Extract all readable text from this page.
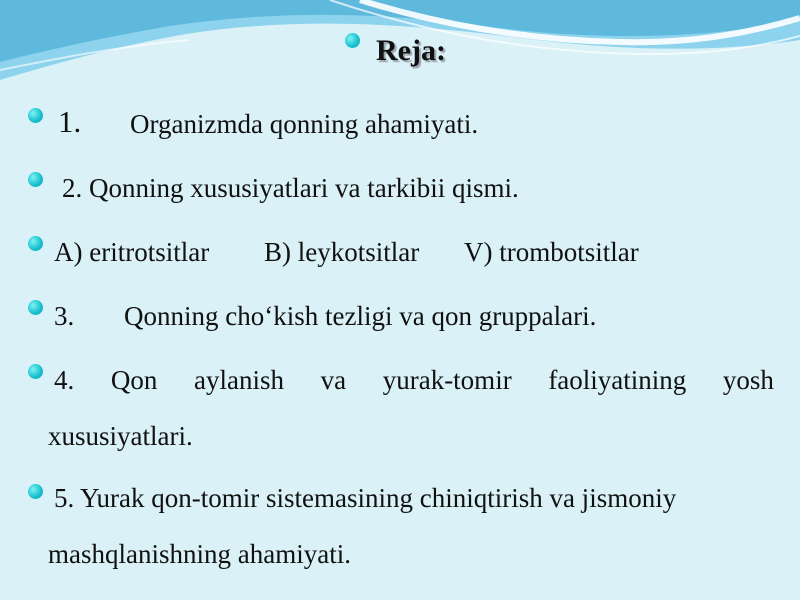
Reja:
1. Organizmda qonning ahamiyati.
2. Qonning xususiyatlari va tarkibii qismi.
A) eritrotsitlar B) leykotsitlar V) trombotsitlar
3. Qonning cho‘kish tezligi va qon gruppalari.
4. Qon aylanish va yurak-tomir faoliyatining yosh
xususiyatlari.
5. Yurak qon-tomir sistemasining chiniqtirish va jismoniy
mashqlanishning ahamiyati.
